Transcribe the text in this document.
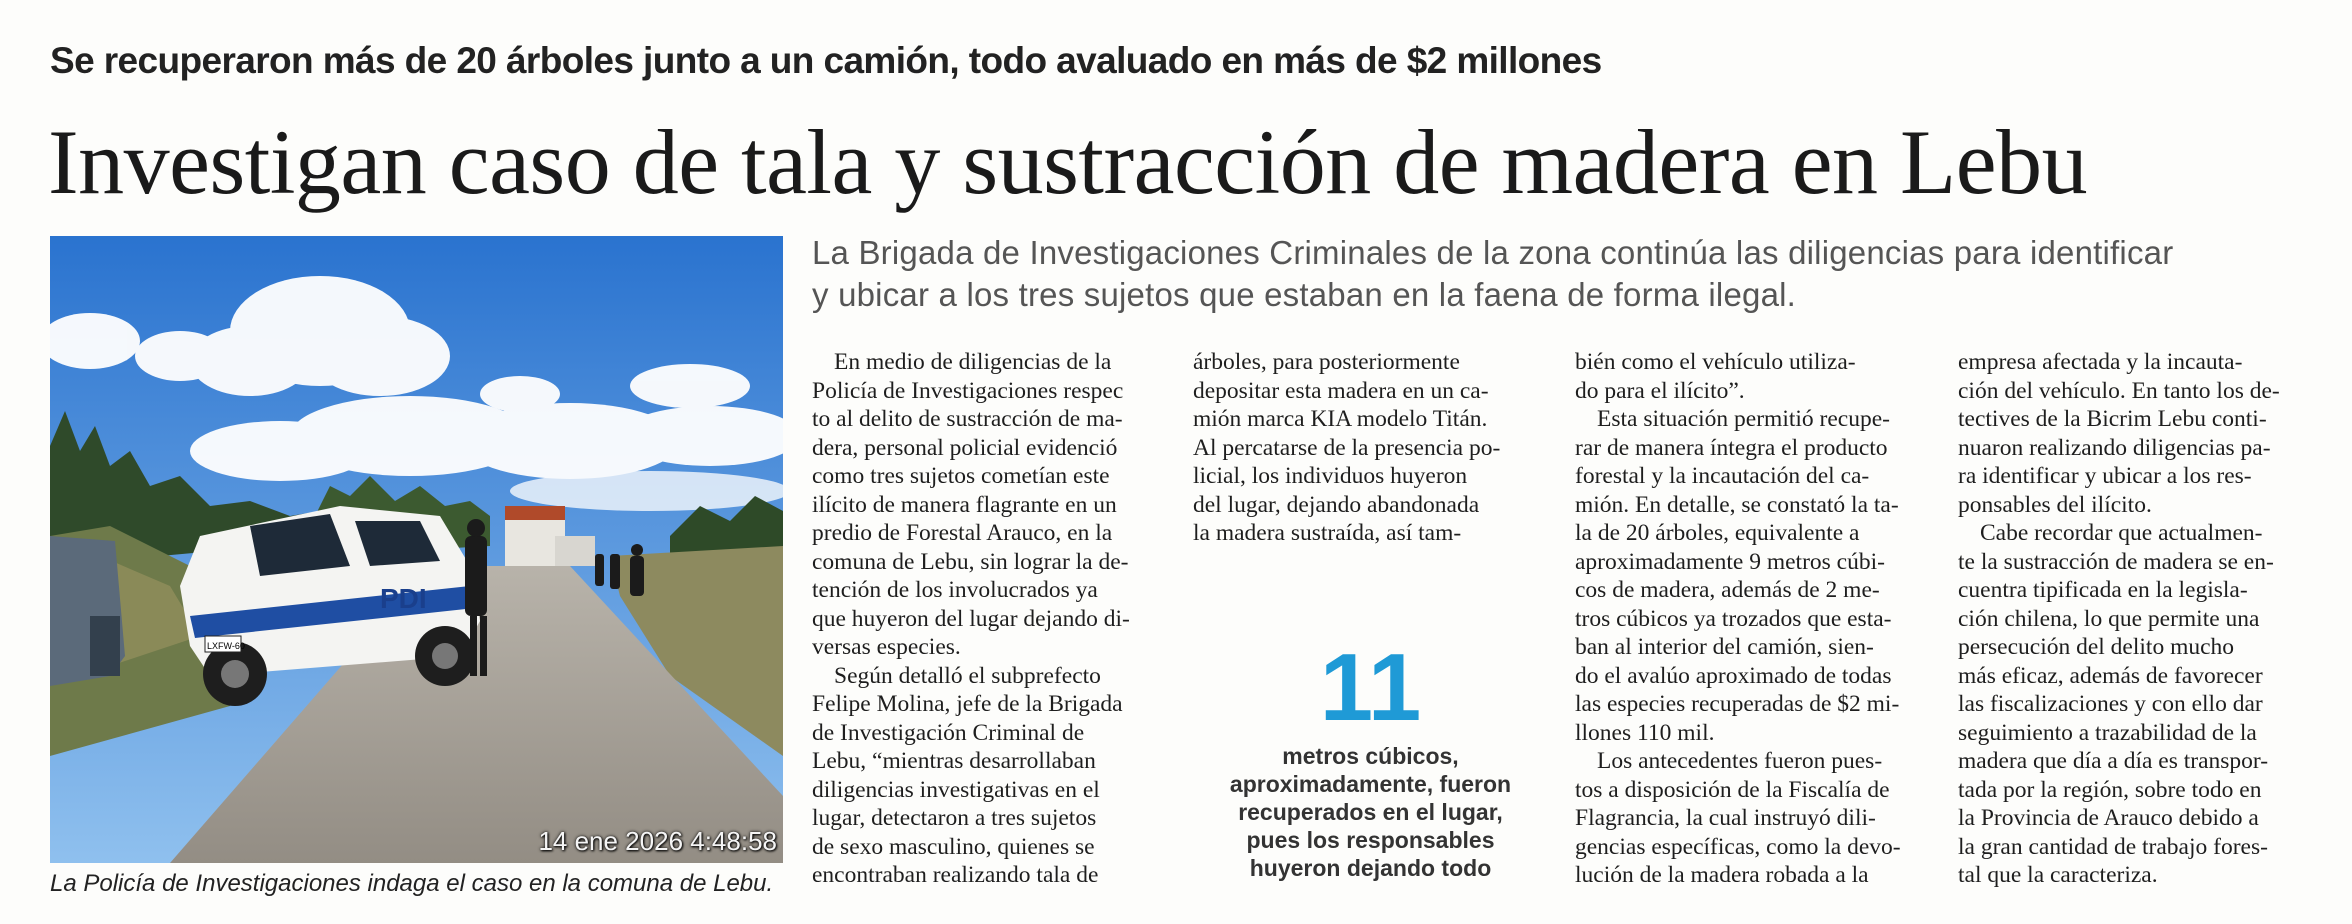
Se recuperaron más de 20 árboles junto a un camión, todo avaluado en más de $2 millones
Investigan caso de tala y sustracción de madera en Lebu
PDI
LXFW-60
14 ene 2026 4:48:58
La Policía de Investigaciones indaga el caso en la comuna de Lebu.
La Brigada de Investigaciones Criminales de la zona continúa las diligencias para identificar
y ubicar a los tres sujetos que estaban en la faena de forma ilegal.
En medio de diligencias de la
Policía de Investigaciones respec
to al delito de sustracción de ma-
dera, personal policial evidenció
como tres sujetos cometían este
ilícito de manera flagrante en un
predio de Forestal Arauco, en la
comuna de Lebu, sin lograr la de-
tención de los involucrados ya
que huyeron del lugar dejando di-
versas especies.
Según detalló el subprefecto
Felipe Molina, jefe de la Brigada
de Investigación Criminal de
Lebu, “mientras desarrollaban
diligencias investigativas en el
lugar, detectaron a tres sujetos
de sexo masculino, quienes se
encontraban realizando tala de
árboles, para posteriormente
depositar esta madera en un ca-
mión marca KIA modelo Titán.
Al percatarse de la presencia po-
licial, los individuos huyeron
del lugar, dejando abandonada
la madera sustraída, así tam-
11
metros cúbicos,
aproximadamente, fueron
recuperados en el lugar,
pues los responsables
huyeron dejando todo
bién como el vehículo utiliza-
do para el ilícito”.
Esta situación permitió recupe-
rar de manera íntegra el producto
forestal y la incautación del ca-
mión. En detalle, se constató la ta-
la de 20 árboles, equivalente a
aproximadamente 9 metros cúbi-
cos de madera, además de 2 me-
tros cúbicos ya trozados que esta-
ban al interior del camión, sien-
do el avalúo aproximado de todas
las especies recuperadas de $2 mi-
llones 110 mil.
Los antecedentes fueron pues-
tos a disposición de la Fiscalía de
Flagrancia, la cual instruyó dili-
gencias específicas, como la devo-
lución de la madera robada a la
empresa afectada y la incauta-
ción del vehículo. En tanto los de-
tectives de la Bicrim Lebu conti-
nuaron realizando diligencias pa-
ra identificar y ubicar a los res-
ponsables del ilícito.
Cabe recordar que actualmen-
te la sustracción de madera se en-
cuentra tipificada en la legisla-
ción chilena, lo que permite una
persecución del delito mucho
más eficaz, además de favorecer
las fiscalizaciones y con ello dar
seguimiento a trazabilidad de la
madera que día a día es transpor-
tada por la región, sobre todo en
la Provincia de Arauco debido a
la gran cantidad de trabajo fores-
tal que la caracteriza.
